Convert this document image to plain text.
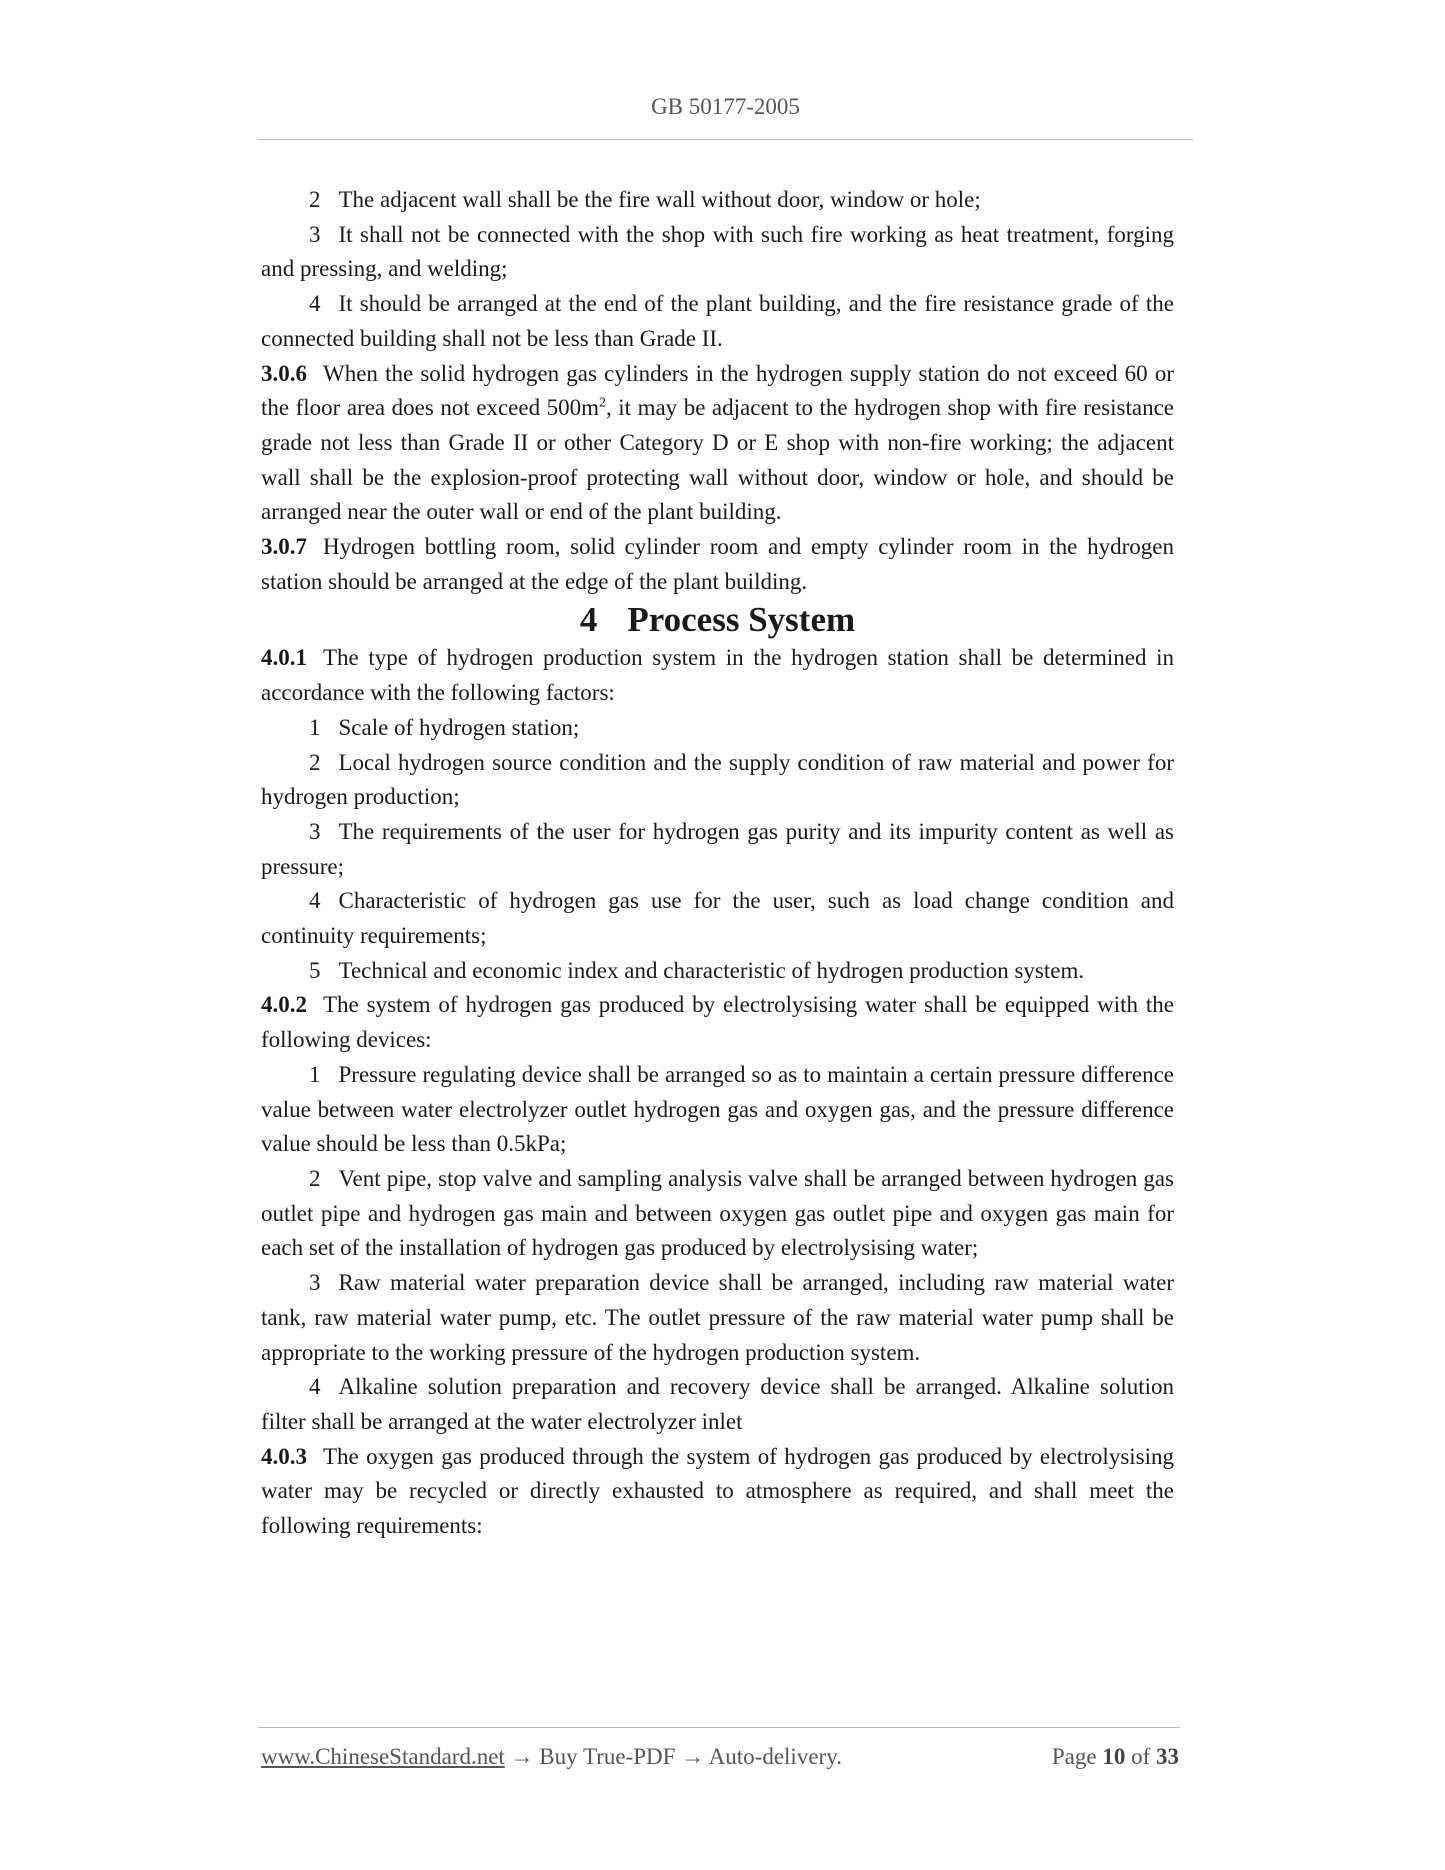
GB 50177-2005

2 The adjacent wall shall be the fire wall without door, window or hole;

3 It shall not be connected with the shop with such fire working as heat treatment, forging and pressing, and welding;

4 It should be arranged at the end of the plant building, and the fire resistance grade of the connected building shall not be less than Grade II.

3.0.6 When the solid hydrogen gas cylinders in the hydrogen supply station do not exceed 60 or the floor area does not exceed $500m^2$, it may be adjacent to the hydrogen shop with fire resistance grade not less than Grade II or other Category D or E shop with non-fire working; the adjacent wall shall be the explosion-proof protecting wall without door, window or hole, and should be arranged near the outer wall or end of the plant building.

3.0.7 Hydrogen bottling room, solid cylinder room and empty cylinder room in the hydrogen station should be arranged at the edge of the plant building.

4 Process System

4.0.1 The type of hydrogen production system in the hydrogen station shall be determined in accordance with the following factors:

1 Scale of hydrogen station;

2 Local hydrogen source condition and the supply condition of raw material and power for hydrogen production;

3 The requirements of the user for hydrogen gas purity and its impurity content as well as pressure;

4 Characteristic of hydrogen gas use for the user, such as load change condition and continuity requirements;

5 Technical and economic index and characteristic of hydrogen production system.

4.0.2 The system of hydrogen gas produced by electrolysising water shall be equipped with the following devices:

1 Pressure regulating device shall be arranged so as to maintain a certain pressure difference value between water electrolyzer outlet hydrogen gas and oxygen gas, and the pressure difference value should be less than 0.5kPa;

2 Vent pipe, stop valve and sampling analysis valve shall be arranged between hydrogen gas outlet pipe and hydrogen gas main and between oxygen gas outlet pipe and oxygen gas main for each set of the installation of hydrogen gas produced by electrolysising water;

3 Raw material water preparation device shall be arranged, including raw material water tank, raw material water pump, etc. The outlet pressure of the raw material water pump shall be appropriate to the working pressure of the hydrogen production system.

4 Alkaline solution preparation and recovery device shall be arranged. Alkaline solution filter shall be arranged at the water electrolyzer inlet

4.0.3 The oxygen gas produced through the system of hydrogen gas produced by electrolysising water may be recycled or directly exhausted to atmosphere as required, and shall meet the following requirements:

www.ChineseStandard.net → Buy True-PDF → Auto-delivery.	Page 10 of 33
